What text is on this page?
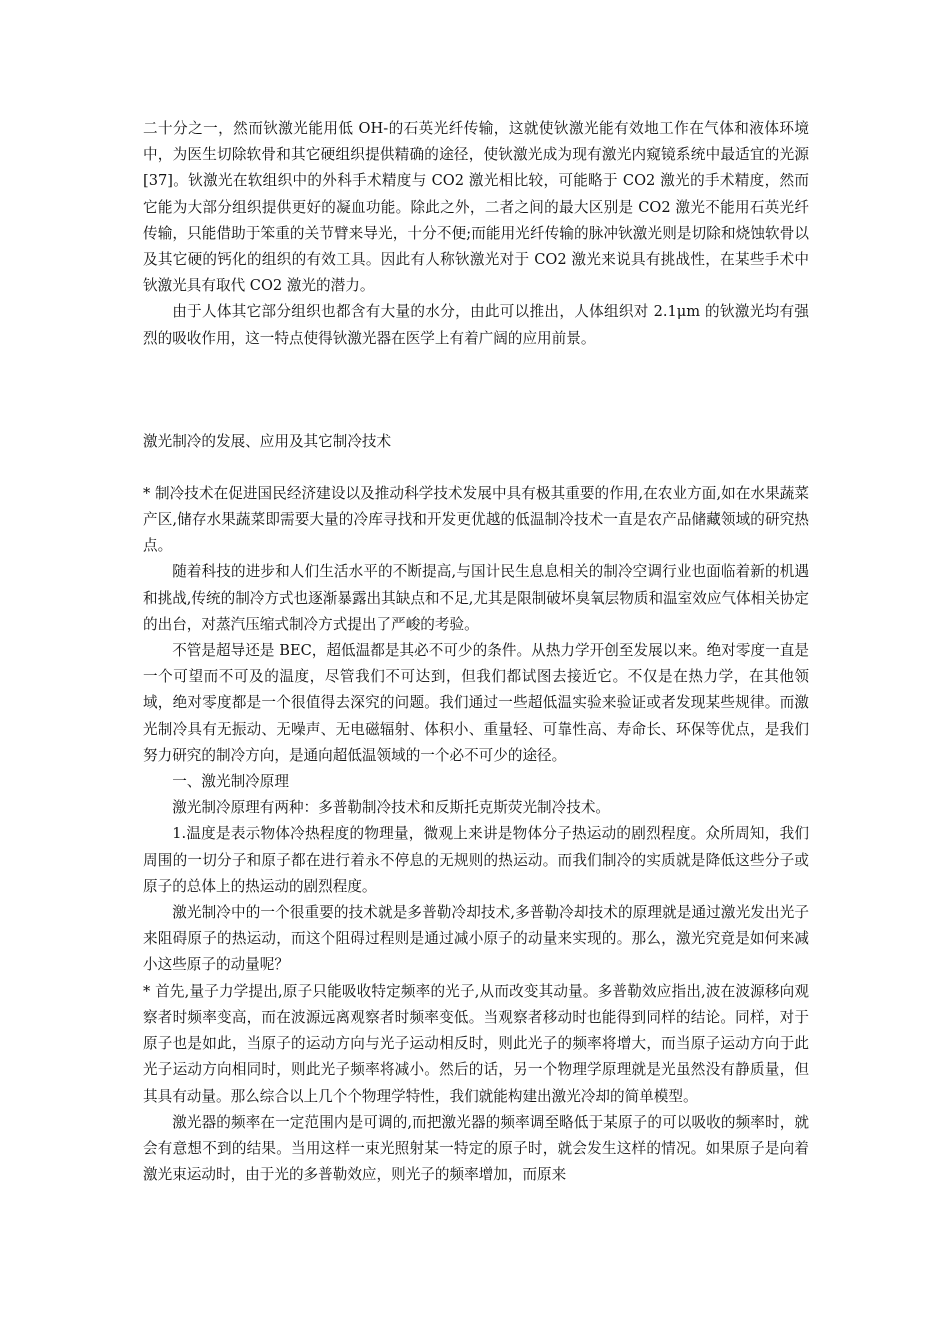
二十分之一，然而钬激光能用低 OH-的石英光纤传输，这就使钬激光能有效地工作在气体和液体环境中，为医生切除软骨和其它硬组织提供精确的途径，使钬激光成为现有激光内窥镜系统中最适宜的光源[37]。钬激光在软组织中的外科手术精度与 CO2 激光相比较，可能略于 CO2 激光的手术精度，然而它能为大部分组织提供更好的凝血功能。除此之外，二者之间的最大区别是 CO2 激光不能用石英光纤传输，只能借助于笨重的关节臂来导光，十分不便;而能用光纤传输的脉冲钬激光则是切除和烧蚀软骨以及其它硬的钙化的组织的有效工具。因此有人称钬激光对于 CO2 激光来说具有挑战性，在某些手术中钬激光具有取代 CO2 激光的潜力。

由于人体其它部分组织也都含有大量的水分，由此可以推出，人体组织对 2.1μm 的钬激光均有强烈的吸收作用，这一特点使得钬激光器在医学上有着广阔的应用前景。

激光制冷的发展、应用及其它制冷技术

* 制冷技术在促进国民经济建设以及推动科学技术发展中具有极其重要的作用,在农业方面,如在水果蔬菜产区,储存水果蔬菜即需要大量的冷库寻找和开发更优越的低温制冷技术一直是农产品储藏领域的研究热点。

随着科技的进步和人们生活水平的不断提高,与国计民生息息相关的制冷空调行业也面临着新的机遇和挑战,传统的制冷方式也逐渐暴露出其缺点和不足,尤其是限制破坏臭氧层物质和温室效应气体相关协定的出台，对蒸汽压缩式制冷方式提出了严峻的考验。

不管是超导还是 BEC，超低温都是其必不可少的条件。从热力学开创至发展以来。绝对零度一直是一个可望而不可及的温度，尽管我们不可达到，但我们都试图去接近它。不仅是在热力学，在其他领域，绝对零度都是一个很值得去深究的问题。我们通过一些超低温实验来验证或者发现某些规律。而激光制冷具有无振动、无噪声、无电磁辐射、体积小、重量轻、可靠性高、寿命长、环保等优点，是我们努力研究的制冷方向，是通向超低温领域的一个必不可少的途径。

一、激光制冷原理

激光制冷原理有两种：多普勒制冷技术和反斯托克斯荧光制冷技术。

1.温度是表示物体冷热程度的物理量，微观上来讲是物体分子热运动的剧烈程度。众所周知，我们周围的一切分子和原子都在进行着永不停息的无规则的热运动。而我们制冷的实质就是降低这些分子或原子的总体上的热运动的剧烈程度。

激光制冷中的一个很重要的技术就是多普勒冷却技术,多普勒冷却技术的原理就是通过激光发出光子来阻碍原子的热运动，而这个阻碍过程则是通过减小原子的动量来实现的。那么，激光究竟是如何来减小这些原子的动量呢？

* 首先,量子力学提出,原子只能吸收特定频率的光子,从而改变其动量。多普勒效应指出,波在波源移向观察者时频率变高，而在波源远离观察者时频率变低。当观察者移动时也能得到同样的结论。同样，对于原子也是如此，当原子的运动方向与光子运动相反时，则此光子的频率将增大，而当原子运动方向于此光子运动方向相同时，则此光子频率将减小。然后的话，另一个物理学原理就是光虽然没有静质量，但其具有动量。那么综合以上几个个物理学特性，我们就能构建出激光冷却的简单模型。

激光器的频率在一定范围内是可调的,而把激光器的频率调至略低于某原子的可以吸收的频率时，就会有意想不到的结果。当用这样一束光照射某一特定的原子时，就会发生这样的情况。如果原子是向着激光束运动时，由于光的多普勒效应，则光子的频率增加，而原来
